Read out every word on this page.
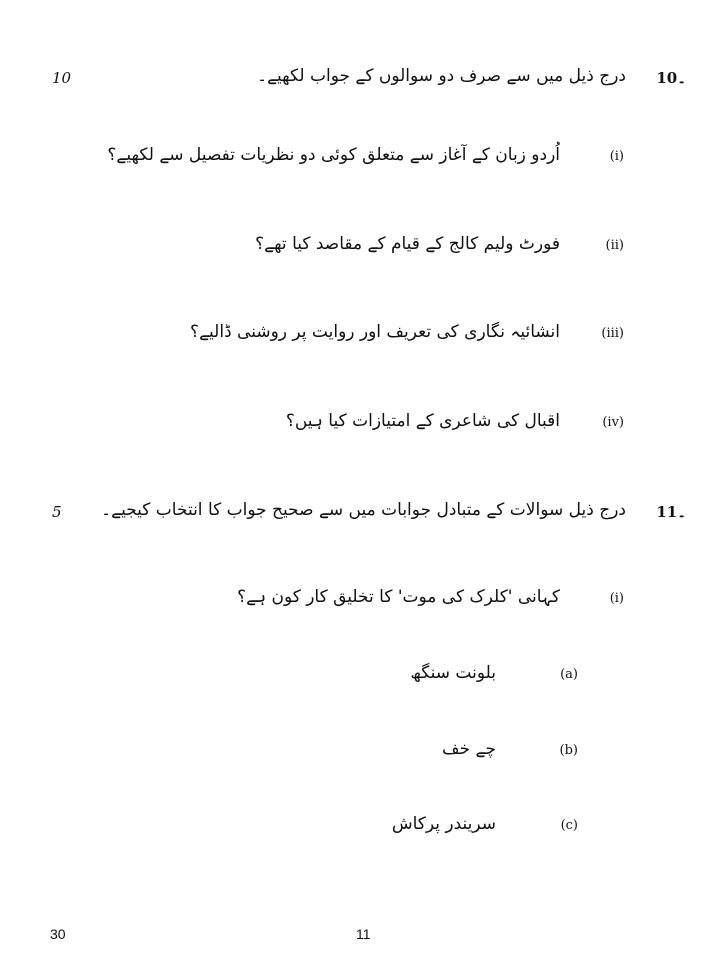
10	10۔
درج ذیل میں سے صرف دو سوالوں کے جواب لکھیے۔
(i)
اُردو زبان کے آغاز سے متعلق کوئی دو نظریات تفصیل سے لکھیے؟
(ii)
فورٹ ولیم کالج کے قیام کے مقاصد کیا تھے؟
(iii)
انشائیہ نگاری کی تعریف اور روایت پر روشنی ڈالیے؟
(iv)
اقبال کی شاعری کے امتیازات کیا ہیں؟
5	11۔
درج ذیل سوالات کے متبادل جوابات میں سے صحیح جواب کا انتخاب کیجیے۔
(i)
کہانی 'کلرک کی موت' کا تخلیق کار کون ہے؟
(a)
بلونت سنگھ
(b)
چے خف
(c)
سریندر پرکاش
30	11
